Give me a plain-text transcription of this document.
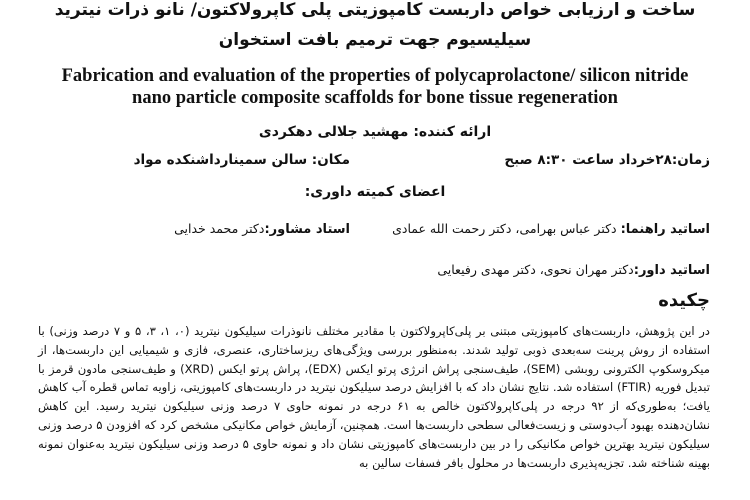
ساخت و ارزیابی خواص داربست کامپوزیتی پلی کاپرولاکتون/ نانو ذرات نیترید
سیلیسیوم جهت ترمیم بافت استخوان
Fabrication and evaluation of the properties of polycaprolactone/ silicon nitride
nano particle composite scaffolds for bone tissue regeneration
ارائه کننده: مهشید جلالی دهکردی
زمان:۲۸خرداد ساعت ۸:۳۰ صبح
مکان: سالن سمینارداشنکده مواد
اعضای کمیته داوری:
اساتید راهنما: دکتر عباس بهرامی، دکتر رحمت الله عمادی
استاد مشاور:دکتر محمد خدایی
اساتید داور:دکتر مهران نحوی، دکتر مهدی رفیعایی
چکیده

در این پژوهش، داربست‌های کامپوزیتی مبتنی بر پلی‌کاپرولاکتون با مقادیر مختلف نانوذرات سیلیکون نیترید (۰، ۱، ۳، ۵ و ۷ درصد وزنی) با استفاده از روش پرینت سه‌بعدی ذوبی تولید شدند. به‌منظور بررسی ویژگی‌های ریزساختاری، عنصری، فازی و شیمیایی این داربست‌ها، از میکروسکوپ الکترونی روبشی (SEM)، طیف‌سنجی پراش انرژی پرتو ایکس (EDX)، پراش پرتو ایکس (XRD) و طیف‌سنجی مادون قرمز با تبدیل فوریه (FTIR) استفاده شد. نتایج نشان داد که با افزایش درصد سیلیکون نیترید در داربست‌های کامپوزیتی، زاویه تماس قطره آب کاهش یافت؛ به‌طوری‌که از ۹۲ درجه در پلی‌کاپرولاکتون خالص به ۶۱ درجه در نمونه حاوی ۷ درصد وزنی سیلیکون نیترید رسید. این کاهش نشان‌دهنده بهبود آب‌دوستی و زیست‌فعالی سطحی داربست‌ها است. همچنین، آزمایش خواص مکانیکی مشخص کرد که افزودن ۵ درصد وزنی سیلیکون نیترید بهترین خواص مکانیکی را در بین داربست‌های کامپوزیتی نشان داد و نمونه حاوی ۵ درصد وزنی سیلیکون نیترید به‌عنوان نمونه بهینه شناخته شد. تجزیه‌پذیری داربست‌ها در محلول بافر فسفات سالین به
